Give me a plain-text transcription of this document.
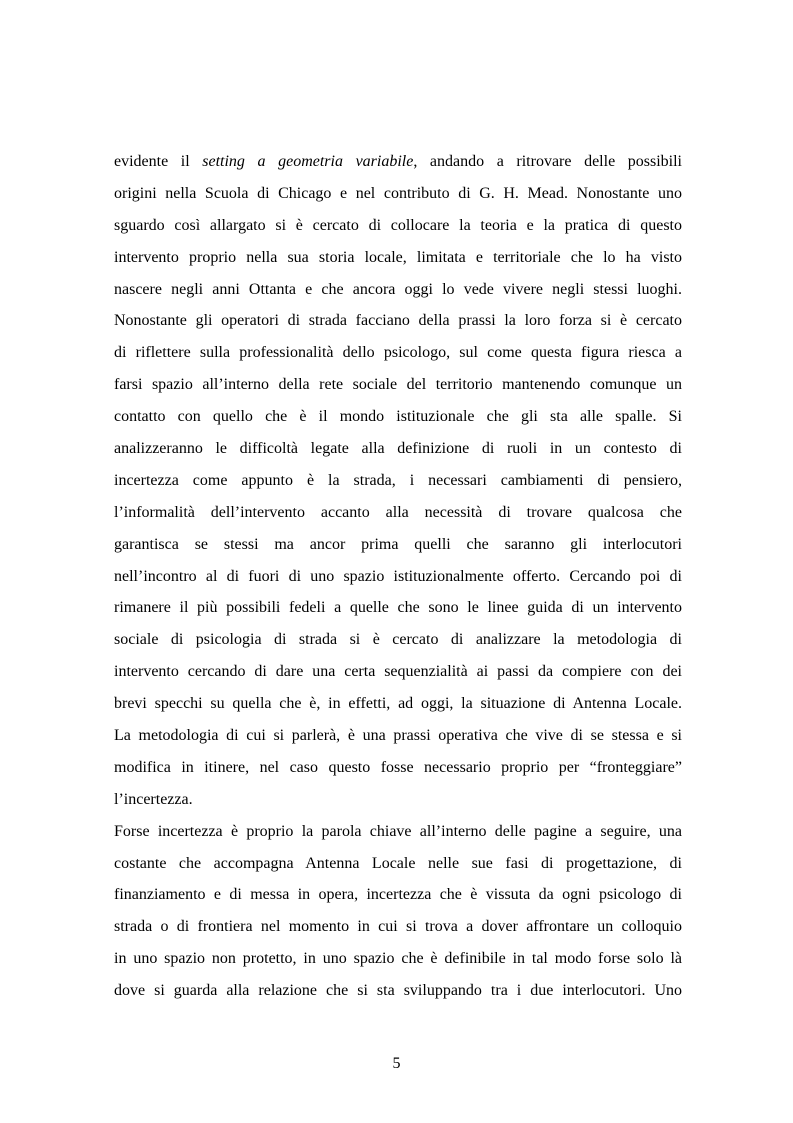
evidente il setting a geometria variabile, andando a ritrovare delle possibili
origini nella Scuola di Chicago e nel contributo di G. H. Mead. Nonostante uno
sguardo così allargato si è cercato di collocare la teoria e la pratica di questo
intervento proprio nella sua storia locale, limitata e territoriale che lo ha visto
nascere negli anni Ottanta e che ancora oggi lo vede vivere negli stessi luoghi.
Nonostante gli operatori di strada facciano della prassi la loro forza si è cercato
di riflettere sulla professionalità dello psicologo, sul come questa figura riesca a
farsi spazio all’interno della rete sociale del territorio mantenendo comunque un
contatto con quello che è il mondo istituzionale che gli sta alle spalle. Si
analizzeranno le difficoltà legate alla definizione di ruoli in un contesto di
incertezza come appunto è la strada, i necessari cambiamenti di pensiero,
l’informalità dell’intervento accanto alla necessità di trovare qualcosa che
garantisca se stessi ma ancor prima quelli che saranno gli interlocutori
nell’incontro al di fuori di uno spazio istituzionalmente offerto. Cercando poi di
rimanere il più possibili fedeli a quelle che sono le linee guida di un intervento
sociale di psicologia di strada si è cercato di analizzare la metodologia di
intervento cercando di dare una certa sequenzialità ai passi da compiere con dei
brevi specchi su quella che è, in effetti, ad oggi, la situazione di Antenna Locale.
La metodologia di cui si parlerà, è una prassi operativa che vive di se stessa e si
modifica in itinere, nel caso questo fosse necessario proprio per “fronteggiare”
l’incertezza.
Forse incertezza è proprio la parola chiave all’interno delle pagine a seguire, una
costante che accompagna Antenna Locale nelle sue fasi di progettazione, di
finanziamento e di messa in opera, incertezza che è vissuta da ogni psicologo di
strada o di frontiera nel momento in cui si trova a dover affrontare un colloquio
in uno spazio non protetto, in uno spazio che è definibile in tal modo forse solo là
dove si guarda alla relazione che si sta sviluppando tra i due interlocutori. Uno
5
